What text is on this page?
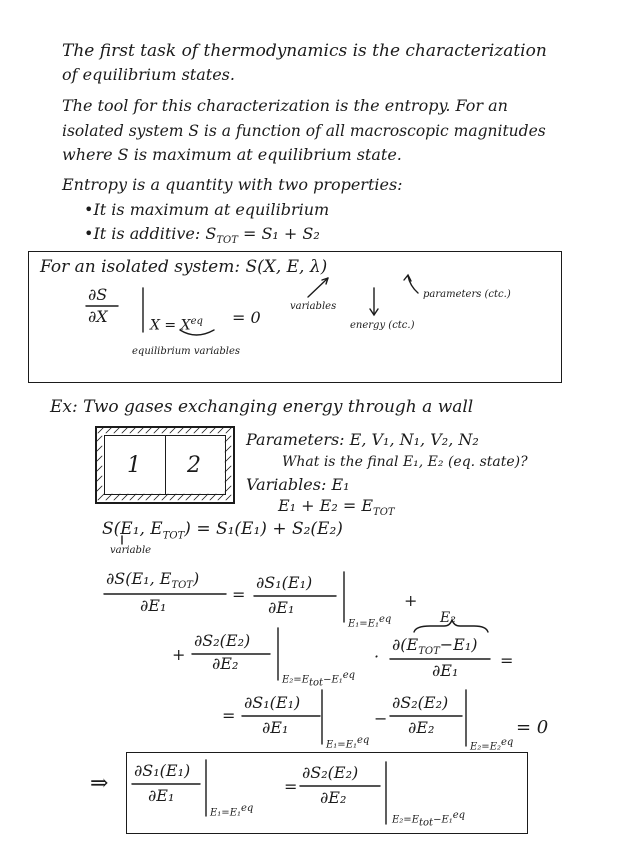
The first task of thermodynamics is the characterization
of equilibrium states.
The tool for this characterization is the entropy. For an
isolated system S is a function of all macroscopic magnitudes
where S is maximum at equilibrium state.
Entropy is a quantity with two properties:
•It is maximum at equilibrium
•It is additive: $S_{TOT} = S_1 + S_2$
For an isolated system: S(X, E, λ)
∂S
∂X	$X = X^{eq} = 0$
variables
parameters (ctc.)
energy (ctc.)
equilibrium variables
Ex: Two gases exchanging energy through a wall
1 2
Parameters: E, V₁, N₁, V₂, N₂
What is the final E₁, E₂ (eq. state)?
Variables: E₁
$E_1 + E_2 = E_{TOT}$
S(E₁, $E_{TOT}) = S_1(E_1) + S_2(E_2)$
variable
∂S(E₁, $E_{TOT}$)
∂E₁
=
∂S₁(E₁)
∂E₁
E₁=E₁$^{eq}$
+
+
∂S₂(E₂)
∂E₂
$E_2=E_{tot}-E_1^{eq}$
·
E₂
$\partial(E_{TOT}-E_1)$
∂E₁
=
=
∂S₁(E₁)
∂E₁
E₁=E₁$^{eq}$
−
∂S₂(E₂)
∂E₂
E₂=E₂$^{eq}$
= 0
⇒
∂S₁(E₁)
∂E₁
E₁=E₁$^{eq}$
=
∂S₂(E₂)
∂E₂
$E_2=E_{tot}-E_1^{eq}$
